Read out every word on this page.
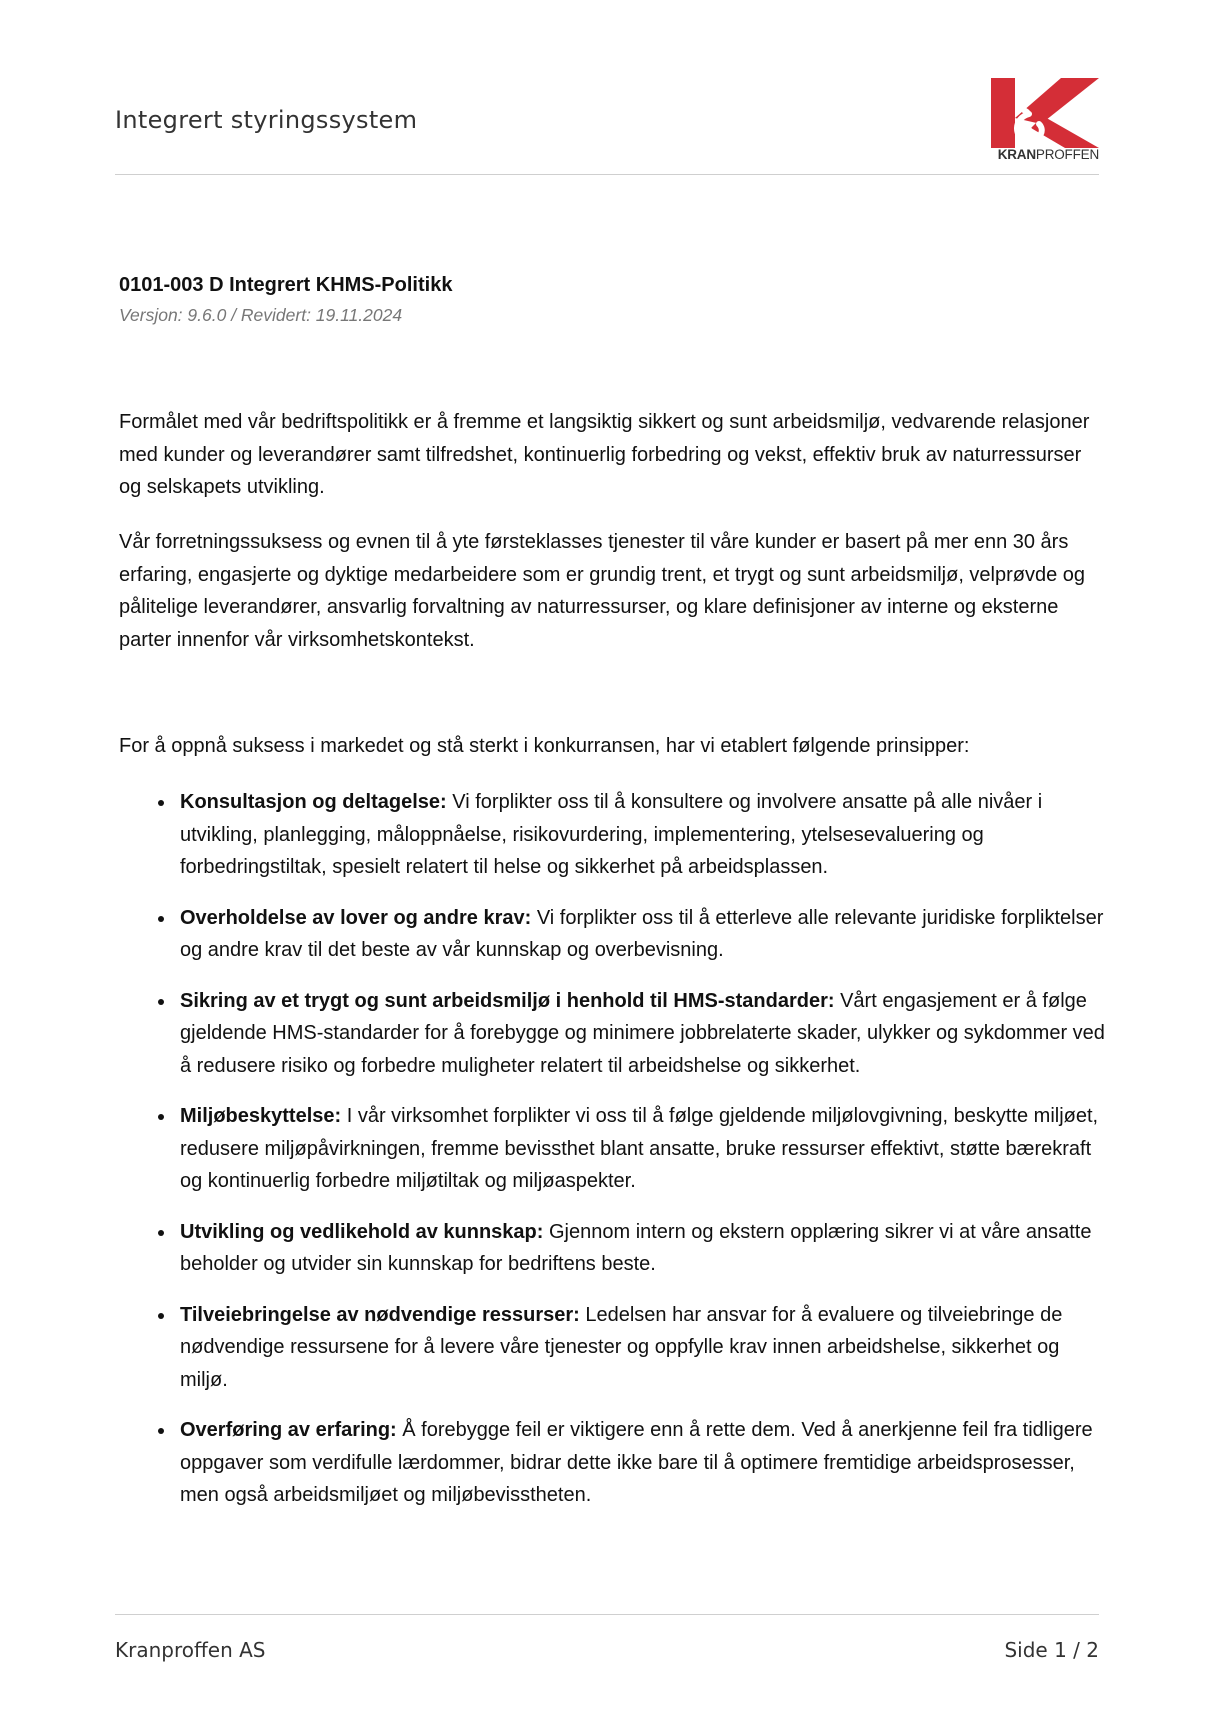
Integrert styringssystem
KRANPROFFEN

0101-003 D Integrert KHMS-Politikk

Versjon: 9.6.0 / Revidert: 19.11.2024

Formålet med vår bedriftspolitikk er å fremme et langsiktig sikkert og sunt arbeidsmiljø, vedvarende relasjoner med kunder og leverandører samt tilfredshet, kontinuerlig forbedring og vekst, effektiv bruk av naturressurser og selskapets utvikling.

Vår forretningssuksess og evnen til å yte førsteklasses tjenester til våre kunder er basert på mer enn 30 års erfaring, engasjerte og dyktige medarbeidere som er grundig trent, et trygt og sunt arbeidsmiljø, velprøvde og pålitelige leverandører, ansvarlig forvaltning av naturressurser, og klare definisjoner av interne og eksterne parter innenfor vår virksomhetskontekst.

For å oppnå suksess i markedet og stå sterkt i konkurransen, har vi etablert følgende prinsipper:

Konsultasjon og deltagelse: Vi forplikter oss til å konsultere og involvere ansatte på alle nivåer i utvikling, planlegging, måloppnåelse, risikovurdering, implementering, ytelsesevaluering og forbedringstiltak, spesielt relatert til helse og sikkerhet på arbeidsplassen.
Overholdelse av lover og andre krav: Vi forplikter oss til å etterleve alle relevante juridiske forpliktelser og andre krav til det beste av vår kunnskap og overbevisning.
Sikring av et trygt og sunt arbeidsmiljø i henhold til HMS-standarder: Vårt engasjement er å følge gjeldende HMS-standarder for å forebygge og minimere jobbrelaterte skader, ulykker og sykdommer ved å redusere risiko og forbedre muligheter relatert til arbeidshelse og sikkerhet.
Miljøbeskyttelse: I vår virksomhet forplikter vi oss til å følge gjeldende miljølovgivning, beskytte miljøet, redusere miljøpåvirkningen, fremme bevissthet blant ansatte, bruke ressurser effektivt, støtte bærekraft og kontinuerlig forbedre miljøtiltak og miljøaspekter.
Utvikling og vedlikehold av kunnskap: Gjennom intern og ekstern opplæring sikrer vi at våre ansatte beholder og utvider sin kunnskap for bedriftens beste.
Tilveiebringelse av nødvendige ressurser: Ledelsen har ansvar for å evaluere og tilveiebringe de nødvendige ressursene for å levere våre tjenester og oppfylle krav innen arbeidshelse, sikkerhet og miljø.
Overføring av erfaring: Å forebygge feil er viktigere enn å rette dem. Ved å anerkjenne feil fra tidligere oppgaver som verdifulle lærdommer, bidrar dette ikke bare til å optimere fremtidige arbeidsprosesser, men også arbeidsmiljøet og miljøbevisstheten.
Kranproffen AS	Side 1 / 2
